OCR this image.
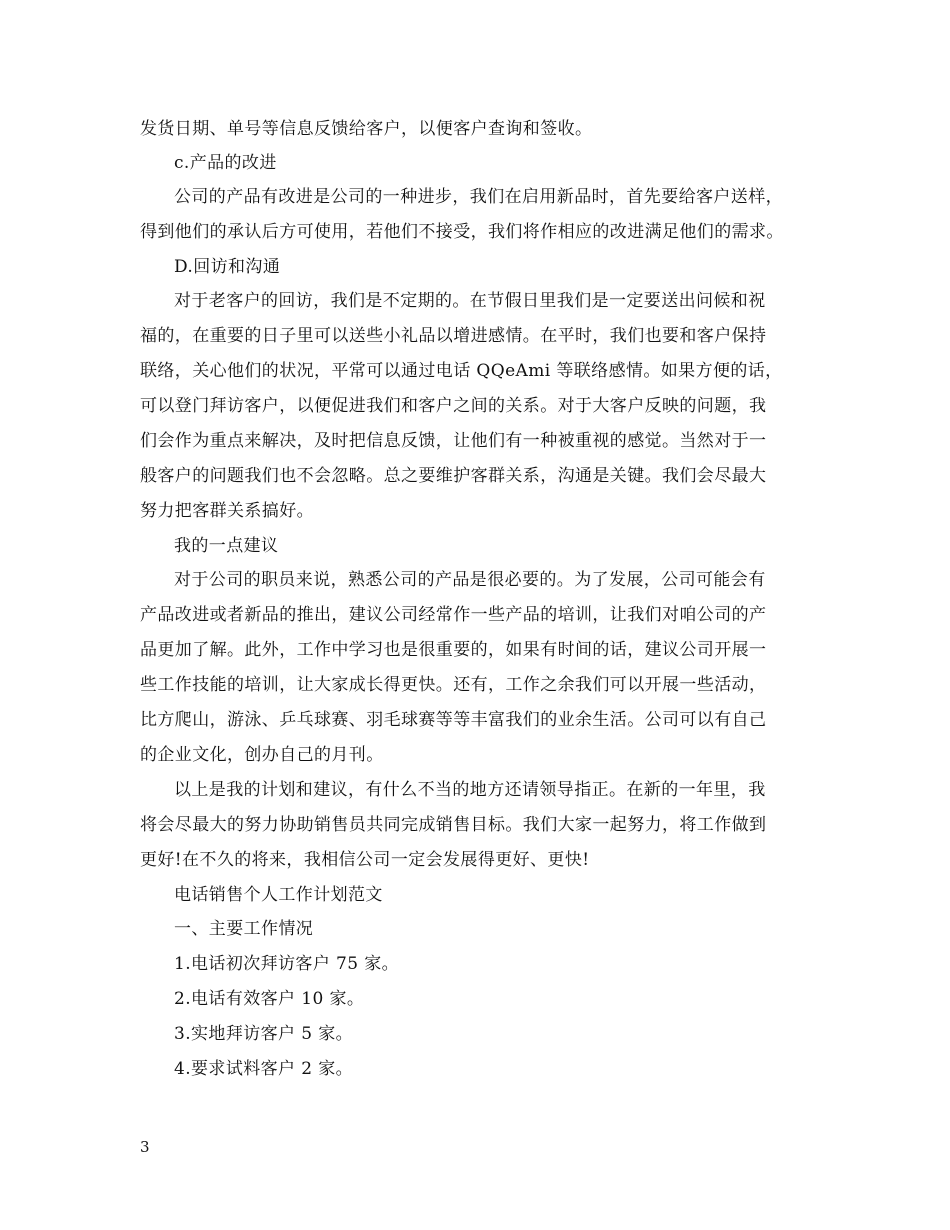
发货日期、单号等信息反馈给客户，以便客户查询和签收。
c.产品的改进
公司的产品有改进是公司的一种进步，我们在启用新品时，首先要给客户送样，
得到他们的承认后方可使用，若他们不接受，我们将作相应的改进满足他们的需求。
D.回访和沟通
对于老客户的回访，我们是不定期的。在节假日里我们是一定要送出问候和祝
福的，在重要的日子里可以送些小礼品以增进感情。在平时，我们也要和客户保持
联络，关心他们的状况，平常可以通过电话 QQeAmi 等联络感情。如果方便的话，
可以登门拜访客户，以便促进我们和客户之间的关系。对于大客户反映的问题，我
们会作为重点来解决，及时把信息反馈，让他们有一种被重视的感觉。当然对于一
般客户的问题我们也不会忽略。总之要维护客群关系，沟通是关键。我们会尽最大
努力把客群关系搞好。
我的一点建议
对于公司的职员来说，熟悉公司的产品是很必要的。为了发展，公司可能会有
产品改进或者新品的推出，建议公司经常作一些产品的培训，让我们对咱公司的产
品更加了解。此外，工作中学习也是很重要的，如果有时间的话，建议公司开展一
些工作技能的培训，让大家成长得更快。还有，工作之余我们可以开展一些活动，
比方爬山，游泳、乒乓球赛、羽毛球赛等等丰富我们的业余生活。公司可以有自己
的企业文化，创办自己的月刊。
以上是我的计划和建议，有什么不当的地方还请领导指正。在新的一年里，我
将会尽最大的努力协助销售员共同完成销售目标。我们大家一起努力，将工作做到
更好!在不久的将来，我相信公司一定会发展得更好、更快!
电话销售个人工作计划范文
一、主要工作情况
1.电话初次拜访客户 75 家。
2.电话有效客户 10 家。
3.实地拜访客户 5 家。
4.要求试料客户 2 家。
3
